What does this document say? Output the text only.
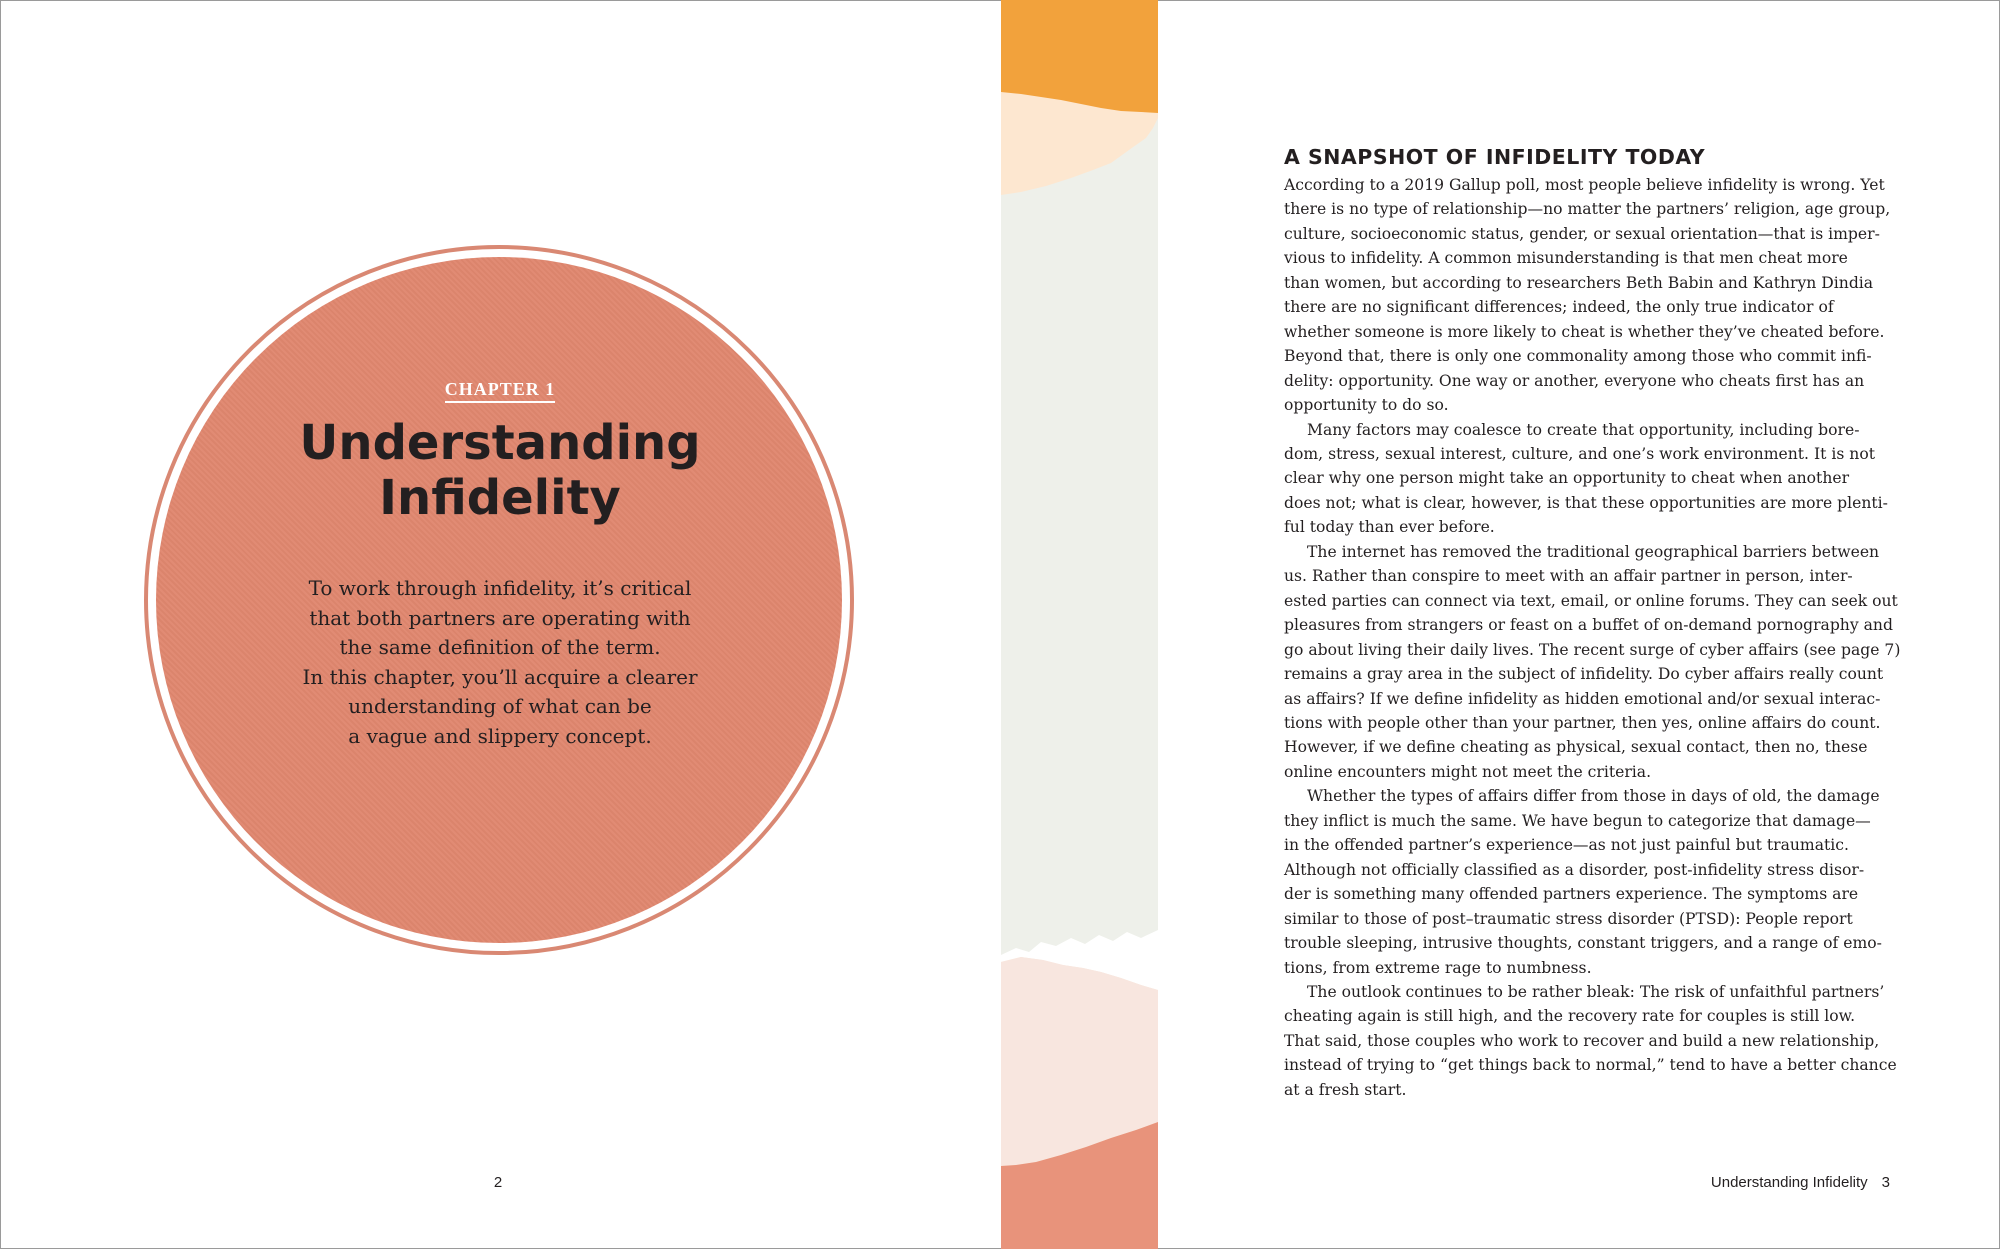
CHAPTER 1
Understanding
Infidelity
To work through infidelity, it’s critical
that both partners are operating with
the same definition of the term.
In this chapter, you’ll acquire a clearer
understanding of what can be
a vague and slippery concept.
2
A SNAPSHOT OF INFIDELITY TODAY
According to a 2019 Gallup poll, most people believe infidelity is wrong. Yet
there is no type of relationship—no matter the partners’ religion, age group,
culture, socioeconomic status, gender, or sexual orientation—that is imper-
vious to infidelity. A common misunderstanding is that men cheat more
than women, but according to researchers Beth Babin and Kathryn Dindia
there are no significant differences; indeed, the only true indicator of
whether someone is more likely to cheat is whether they’ve cheated before.
Beyond that, there is only one commonality among those who commit infi-
delity: opportunity. One way or another, everyone who cheats first has an
opportunity to do so.
Many factors may coalesce to create that opportunity, including bore-
dom, stress, sexual interest, culture, and one’s work environment. It is not
clear why one person might take an opportunity to cheat when another
does not; what is clear, however, is that these opportunities are more plenti-
ful today than ever before.
The internet has removed the traditional geographical barriers between
us. Rather than conspire to meet with an affair partner in person, inter-
ested parties can connect via text, email, or online forums. They can seek out
pleasures from strangers or feast on a buffet of on-demand pornography and
go about living their daily lives. The recent surge of cyber affairs (see page 7)
remains a gray area in the subject of infidelity. Do cyber affairs really count
as affairs? If we define infidelity as hidden emotional and/or sexual interac-
tions with people other than your partner, then yes, online affairs do count.
However, if we define cheating as physical, sexual contact, then no, these
online encounters might not meet the criteria.
Whether the types of affairs differ from those in days of old, the damage
they inflict is much the same. We have begun to categorize that damage—
in the offended partner’s experience—as not just painful but traumatic.
Although not officially classified as a disorder, post-infidelity stress disor-
der is something many offended partners experience. The symptoms are
similar to those of post–traumatic stress disorder (PTSD): People report
trouble sleeping, intrusive thoughts, constant triggers, and a range of emo-
tions, from extreme rage to numbness.
The outlook continues to be rather bleak: The risk of unfaithful partners’
cheating again is still high, and the recovery rate for couples is still low.
That said, those couples who work to recover and build a new relationship,
instead of trying to “get things back to normal,” tend to have a better chance
at a fresh start.
Understanding Infidelity 3
